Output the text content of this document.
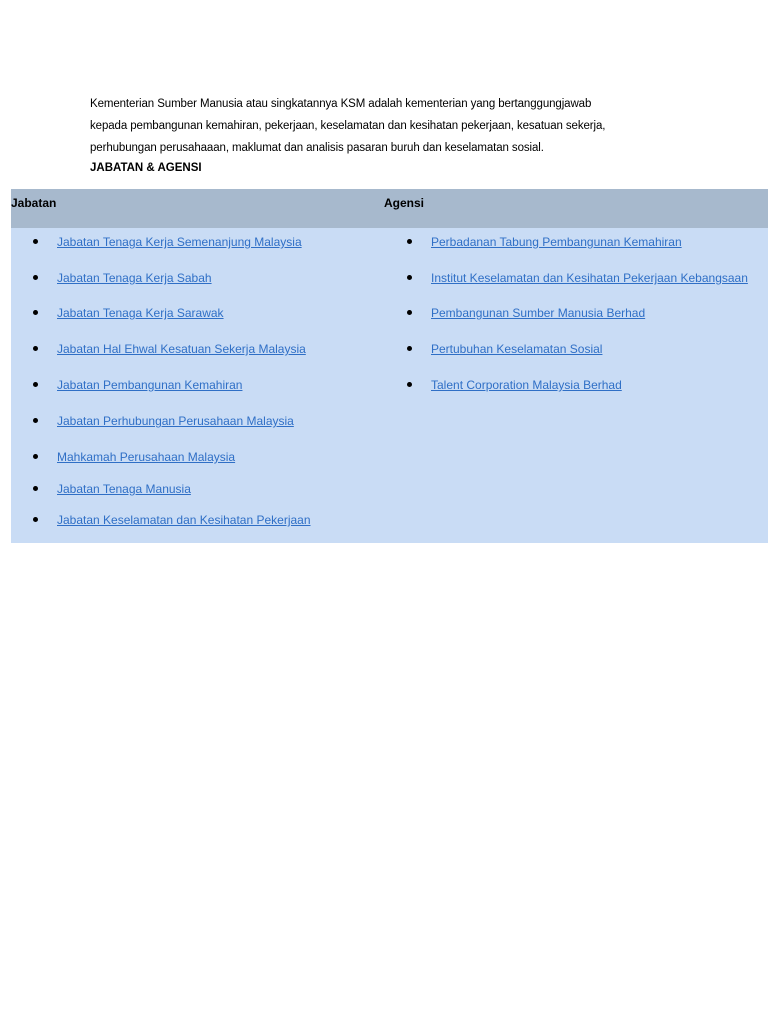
Kementerian Sumber Manusia atau singkatannya KSM adalah kementerian yang bertanggungjawab
kepada pembangunan kemahiran, pekerjaan, keselamatan dan kesihatan pekerjaan, kesatuan sekerja,
perhubungan perusahaaan, maklumat dan analisis pasaran buruh dan keselamatan sosial.
JABATAN & AGENSI
Jabatan	Agensi
Jabatan Tenaga Kerja Semenanjung Malaysia
Jabatan Tenaga Kerja Sabah
Jabatan Tenaga Kerja Sarawak
Jabatan Hal Ehwal Kesatuan Sekerja Malaysia
Jabatan Pembangunan Kemahiran
Jabatan Perhubungan Perusahaan Malaysia
Mahkamah Perusahaan Malaysia
Jabatan Tenaga Manusia
Jabatan Keselamatan dan Kesihatan Pekerjaan
Perbadanan Tabung Pembangunan Kemahiran
Institut Keselamatan dan Kesihatan Pekerjaan Kebangsaan
Pembangunan Sumber Manusia Berhad
Pertubuhan Keselamatan Sosial
Talent Corporation Malaysia Berhad
